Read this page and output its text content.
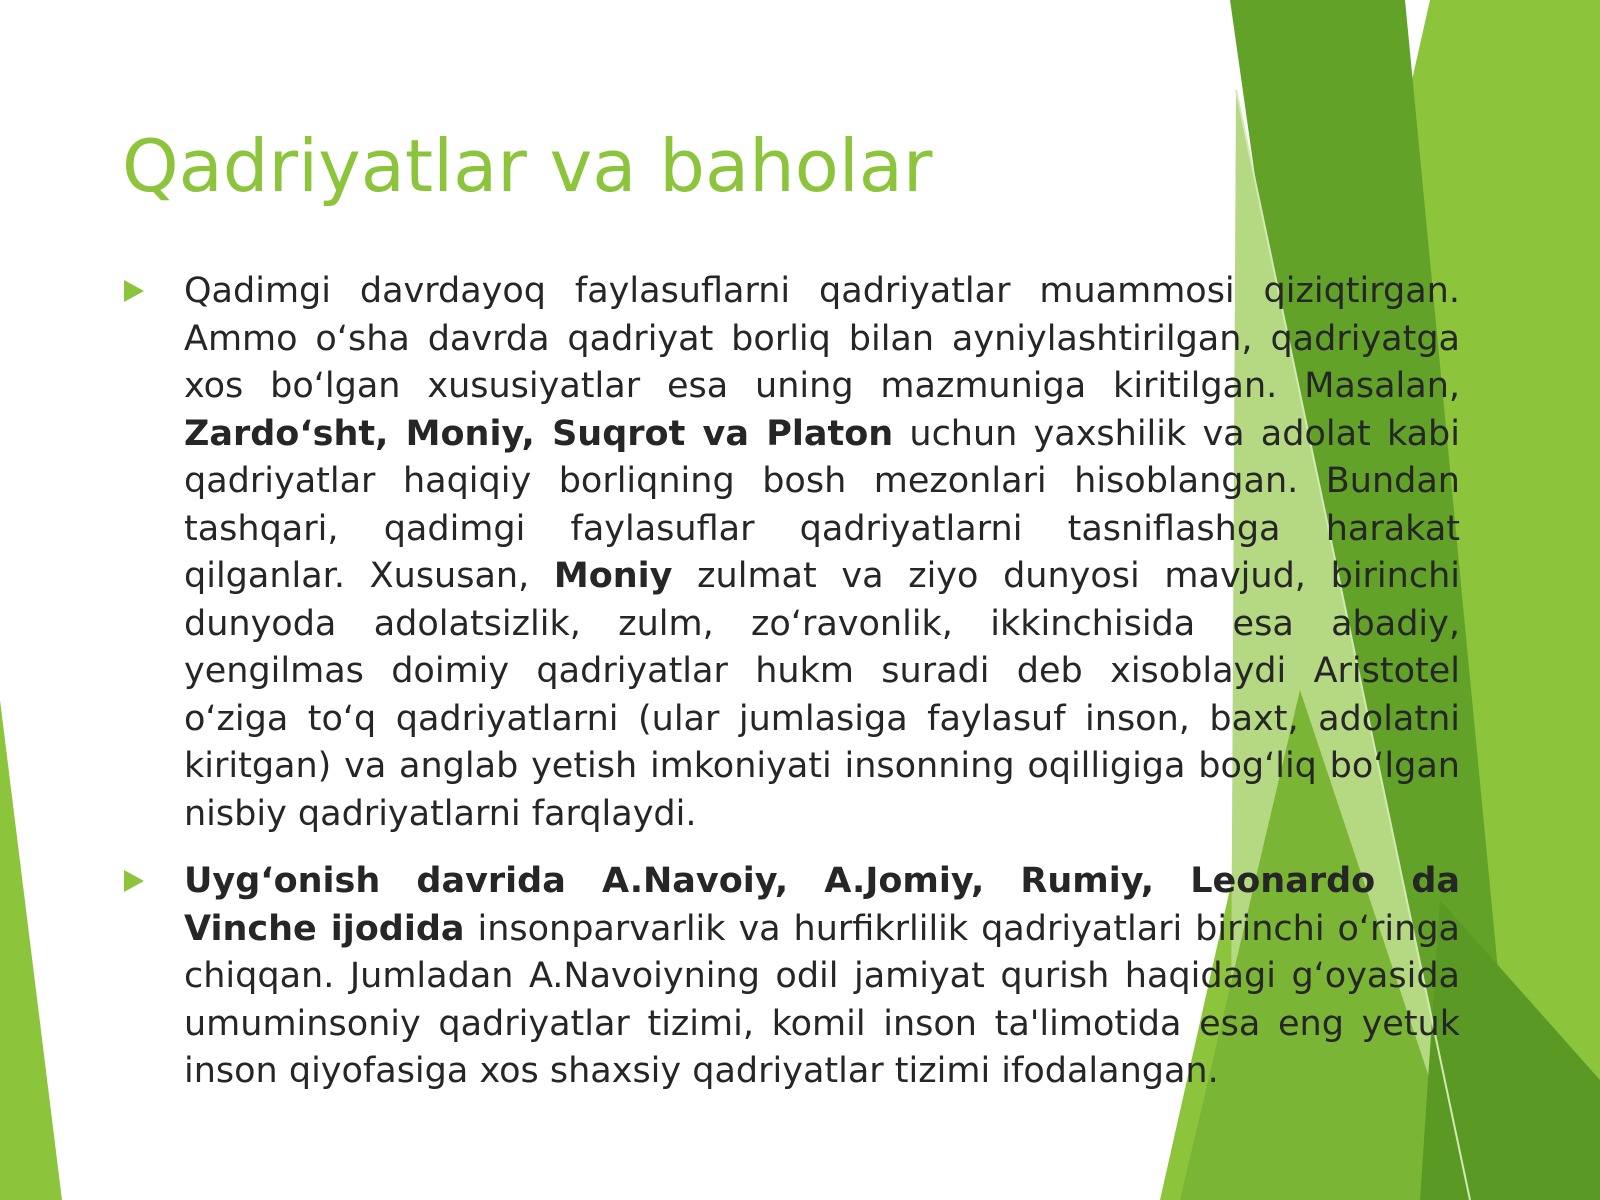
Qadriyatlar va baholar

Qadimgi davrdayoq faylasuflarni qadriyatlar muammosi qiziqtirgan. Ammo oʻsha davrda qadriyat borliq bilan ayniylashtirilgan, qadriyatga xos boʻlgan xususiyatlar esa uning mazmuniga kiritilgan. Masalan, Zardoʻsht, Moniy, Suqrot va Platon uchun yaxshilik va adolat kabi qadriyatlar haqiqiy borliqning bosh mezonlari hisoblangan. Bundan tashqari, qadimgi faylasuflar qadriyatlarni tasniflashga harakat qilganlar. Xususan, Moniy zulmat va ziyo dunyosi mavjud, birinchi dunyoda adolatsizlik, zulm, zoʻravonlik, ikkinchisida esa abadiy, yengilmas doimiy qadriyatlar hukm suradi deb xisoblaydi Aristotel oʻziga toʻq qadriyatlarni (ular jumlasiga faylasuf inson, baxt, adolatni kiritgan) va anglab yetish imkoniyati insonning oqilligiga bogʻliq boʻlgan nisbiy qadriyatlarni farqlaydi.

Uygʻonish davrida A.Navoiy, A.Jomiy, Rumiy, Leonardo da Vinche ijodida insonparvarlik va hurfikrlilik qadriyatlari birinchi oʻringa chiqqan. Jumladan A.Navoiyning odil jamiyat qurish haqidagi gʻoyasida umuminsoniy qadriyatlar tizimi, komil inson ta'limotida esa eng yetuk inson qiyofasiga xos shaxsiy qadriyatlar tizimi ifodalangan.
